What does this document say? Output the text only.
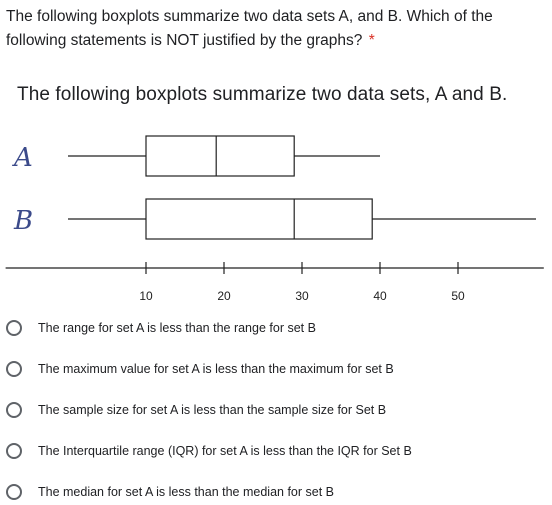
The following boxplots summarize two data sets A, and B. Which of the following statements is NOT justified by the graphs? *
The following boxplots summarize two data sets, A and B.
A
B
10	20	30	40	50
The range for set A is less than the range for set B
The maximum value for set A is less than the maximum for set B
The sample size for set A is less than the sample size for Set B
The Interquartile range (IQR) for set A is less than the IQR for Set B
The median for set A is less than the median for set B
